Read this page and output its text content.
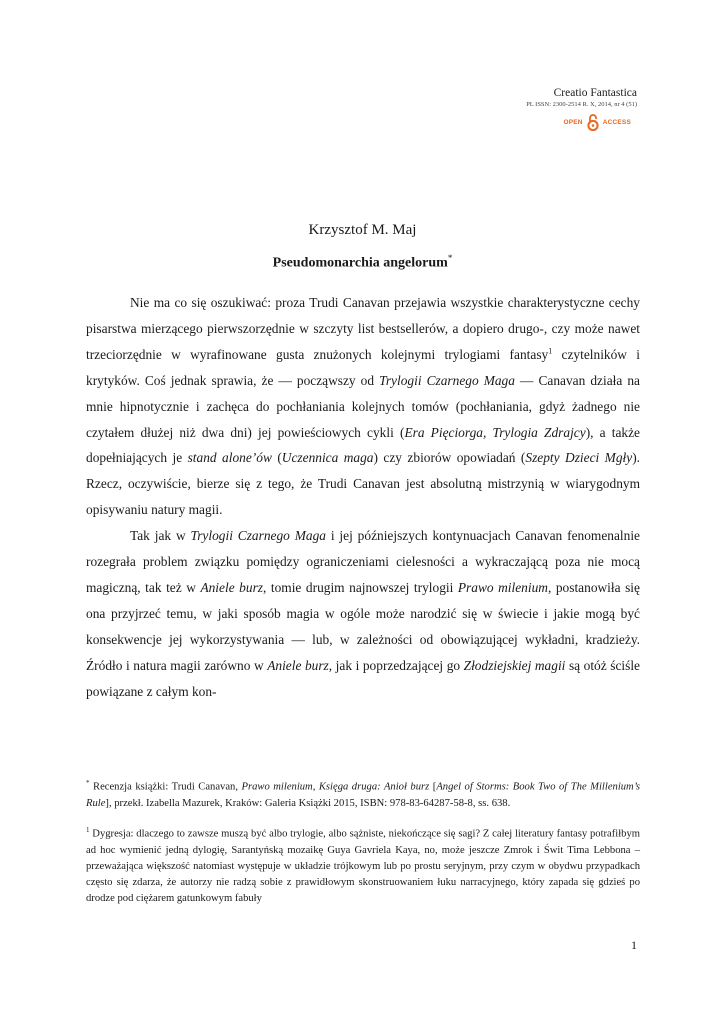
Creatio Fantastica
PL ISSN: 2300-2514 R. X, 2014, nr 4 (51)
OPEN	ACCESS
Krzysztof M. Maj
Pseudomonarchia angelorum*

Nie ma co się oszukiwać: proza Trudi Canavan przejawia wszystkie charakterystyczne cechy pisarstwa mierzącego pierwszorzędnie w szczyty list bestsellerów, a dopiero drugo-, czy może nawet trzeciorzędnie w wyrafinowane gusta znużonych kolejnymi trylogiami fantasy$^1$ czytelników i krytyków. Coś jednak sprawia, że — począwszy od Trylogii Czarnego Maga — Canavan działa na mnie hipnotycznie i zachęca do pochłaniania kolejnych tomów (pochłaniania, gdyż żadnego nie czytałem dłużej niż dwa dni) jej powieściowych cykli (Era Pięciorga, Trylogia Zdrajcy), a także dopełniających je stand alone’ów (Uczennica maga) czy zbiorów opowiadań (Szepty Dzieci Mgły). Rzecz, oczywiście, bierze się z tego, że Trudi Canavan jest absolutną mistrzynią w wiarygodnym opisywaniu natury magii.

Tak jak w Trylogii Czarnego Maga i jej późniejszych kontynuacjach Canavan fenomenalnie rozegrała problem związku pomiędzy ograniczeniami cielesności a wykraczającą poza nie mocą magiczną, tak też w Aniele burz, tomie drugim najnowszej trylogii Prawo milenium, postanowiła się ona przyjrzeć temu, w jaki sposób magia w ogóle może narodzić się w świecie i jakie mogą być konsekwencje jej wykorzystywania — lub, w zależności od obowiązującej wykładni, kradzieży. Źródło i natura magii zarówno w Aniele burz, jak i poprzedzającej go Złodziejskiej magii są otóż ściśle powiązane z całym kon-

* Recenzja książki: Trudi Canavan, Prawo milenium, Księga druga: Anioł burz [Angel of Storms: Book Two of The Millenium’s Rule], przekł. Izabella Mazurek, Kraków: Galeria Książki 2015, ISBN: 978-83-64287-58-8, ss. 638.

$^1$ Dygresja: dlaczego to zawsze muszą być albo trylogie, albo sążniste, niekończące się sagi? Z całej literatury fantasy potrafiłbym ad hoc wymienić jedną dylogię, Sarantyńską mozaikę Guya Gavriela Kaya, no, może jeszcze Zmrok i Świt Tima Lebbona – przeważająca większość natomiast występuje w układzie trójkowym lub po prostu seryjnym, przy czym w obydwu przypadkach często się zdarza, że autorzy nie radzą sobie z prawidłowym skonstruowaniem łuku narracyjnego, który zapada się gdzieś po drodze pod ciężarem gatunkowym fabuły

1
